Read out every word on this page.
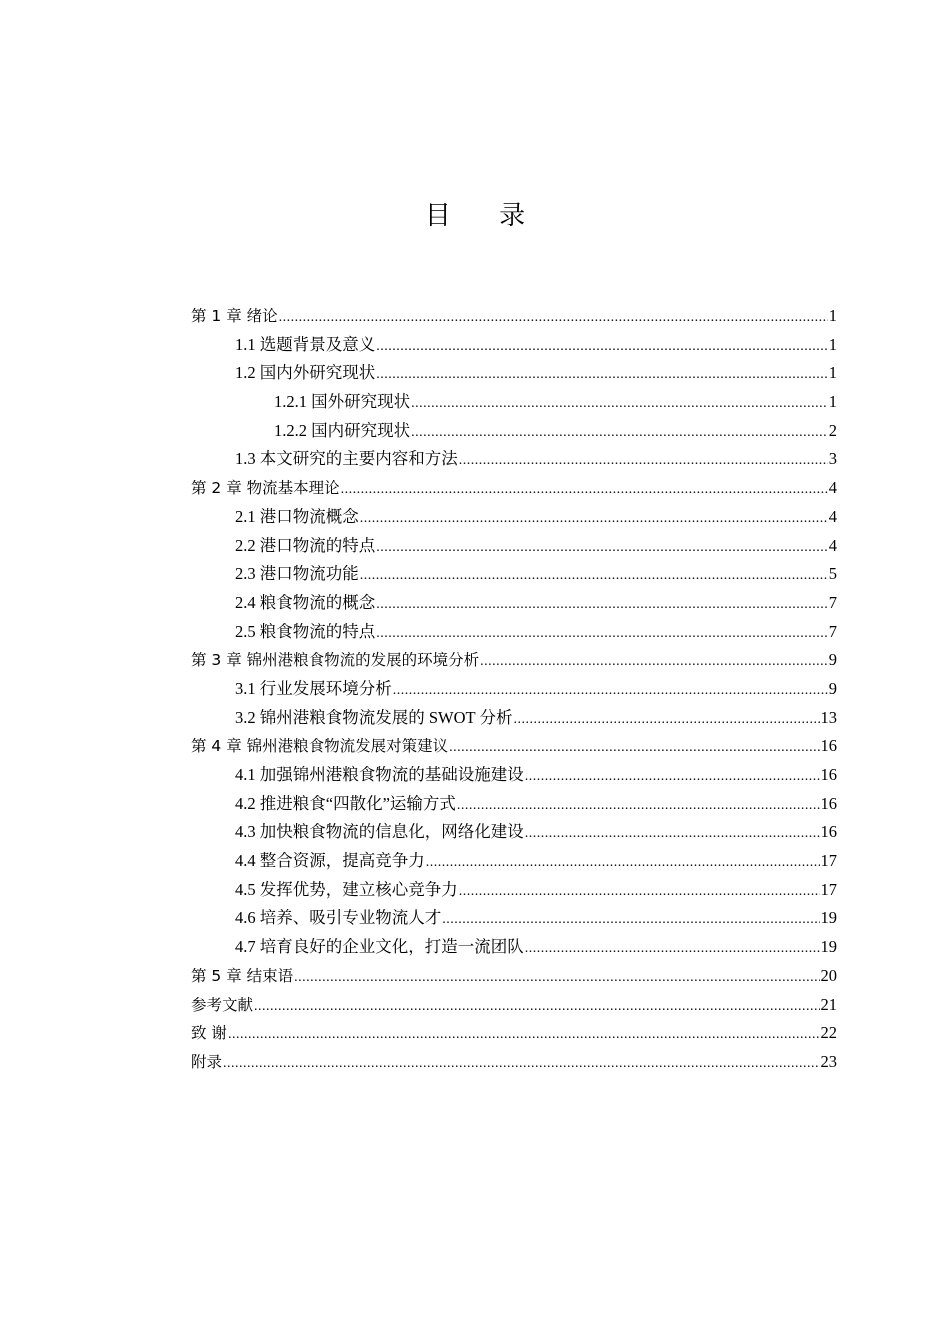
目 录
第 1 章 绪论 .....	1
1.1 选题背景及意义 .....	1
1.2 国内外研究现状 .....	1
1.2.1 国外研究现状 .....	1
1.2.2 国内研究现状 .....	2
1.3 本文研究的主要内容和方法 .....	3
第 2 章 物流基本理论 .....	4
2.1 港口物流概念 .....	4
2.2 港口物流的特点 .....	4
2.3 港口物流功能 .....	5
2.4 粮食物流的概念 .....	7
2.5 粮食物流的特点 .....	7
第 3 章 锦州港粮食物流的发展的环境分析 .....	9
3.1 行业发展环境分析 .....	9
3.2 锦州港粮食物流发展的 SWOT 分析 .....	13
第 4 章 锦州港粮食物流发展对策建议 .....	16
4.1 加强锦州港粮食物流的基础设施建设 .....	16
4.2 推进粮食“四散化”运输方式 .....	16
4.3 加快粮食物流的信息化，网络化建设 .....	16
4.4 整合资源，提高竞争力 .....	17
4.5 发挥优势，建立核心竞争力 .....	17
4.6 培养、吸引专业物流人才 .....	19
4.7 培育良好的企业文化，打造一流团队 .....	19
第 5 章 结束语 .....	20
参考文献 .....	21
致 谢 .....	22
附录 .....	23
